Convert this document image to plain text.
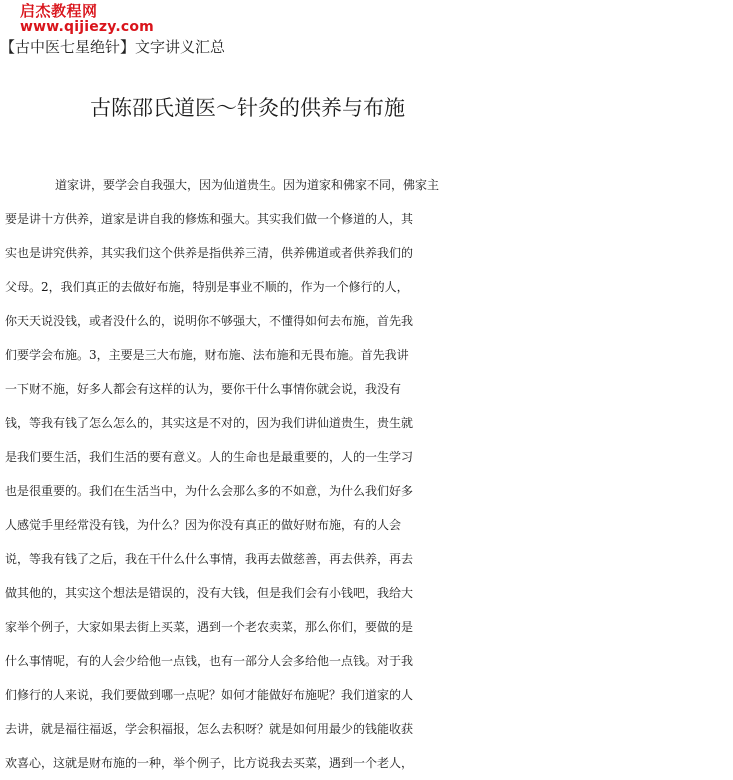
启杰教程网
www.qijiezy.com
【古中医七星绝针】文字讲义汇总
古陈邵氏道医～针灸的供养与布施
道家讲，要学会自我强大，因为仙道贵生。因为道家和佛家不同，佛家主
要是讲十方供养，道家是讲自我的修炼和强大。其实我们做一个修道的人，其
实也是讲究供养，其实我们这个供养是指供养三清，供养佛道或者供养我们的
父母。2，我们真正的去做好布施，特别是事业不顺的，作为一个修行的人，
你天天说没钱，或者没什么的，说明你不够强大，不懂得如何去布施，首先我
们要学会布施。3，主要是三大布施，财布施、法布施和无畏布施。首先我讲
一下财不施，好多人都会有这样的认为，要你干什么事情你就会说，我没有
钱，等我有钱了怎么怎么的，其实这是不对的，因为我们讲仙道贵生，贵生就
是我们要生活，我们生活的要有意义。人的生命也是最重要的，人的一生学习
也是很重要的。我们在生活当中，为什么会那么多的不如意，为什么我们好多
人感觉手里经常没有钱，为什么？因为你没有真正的做好财布施，有的人会
说，等我有钱了之后，我在干什么什么事情，我再去做慈善，再去供养，再去
做其他的，其实这个想法是错误的，没有大钱，但是我们会有小钱吧，我给大
家举个例子，大家如果去街上买菜，遇到一个老农卖菜，那么你们，要做的是
什么事情呢，有的人会少给他一点钱，也有一部分人会多给他一点钱。对于我
们修行的人来说，我们要做到哪一点呢？如何才能做好布施呢？我们道家的人
去讲，就是福往福返，学会积福报，怎么去积呀？就是如何用最少的钱能收获
欢喜心，这就是财布施的一种，举个例子，比方说我去买菜，遇到一个老人，
